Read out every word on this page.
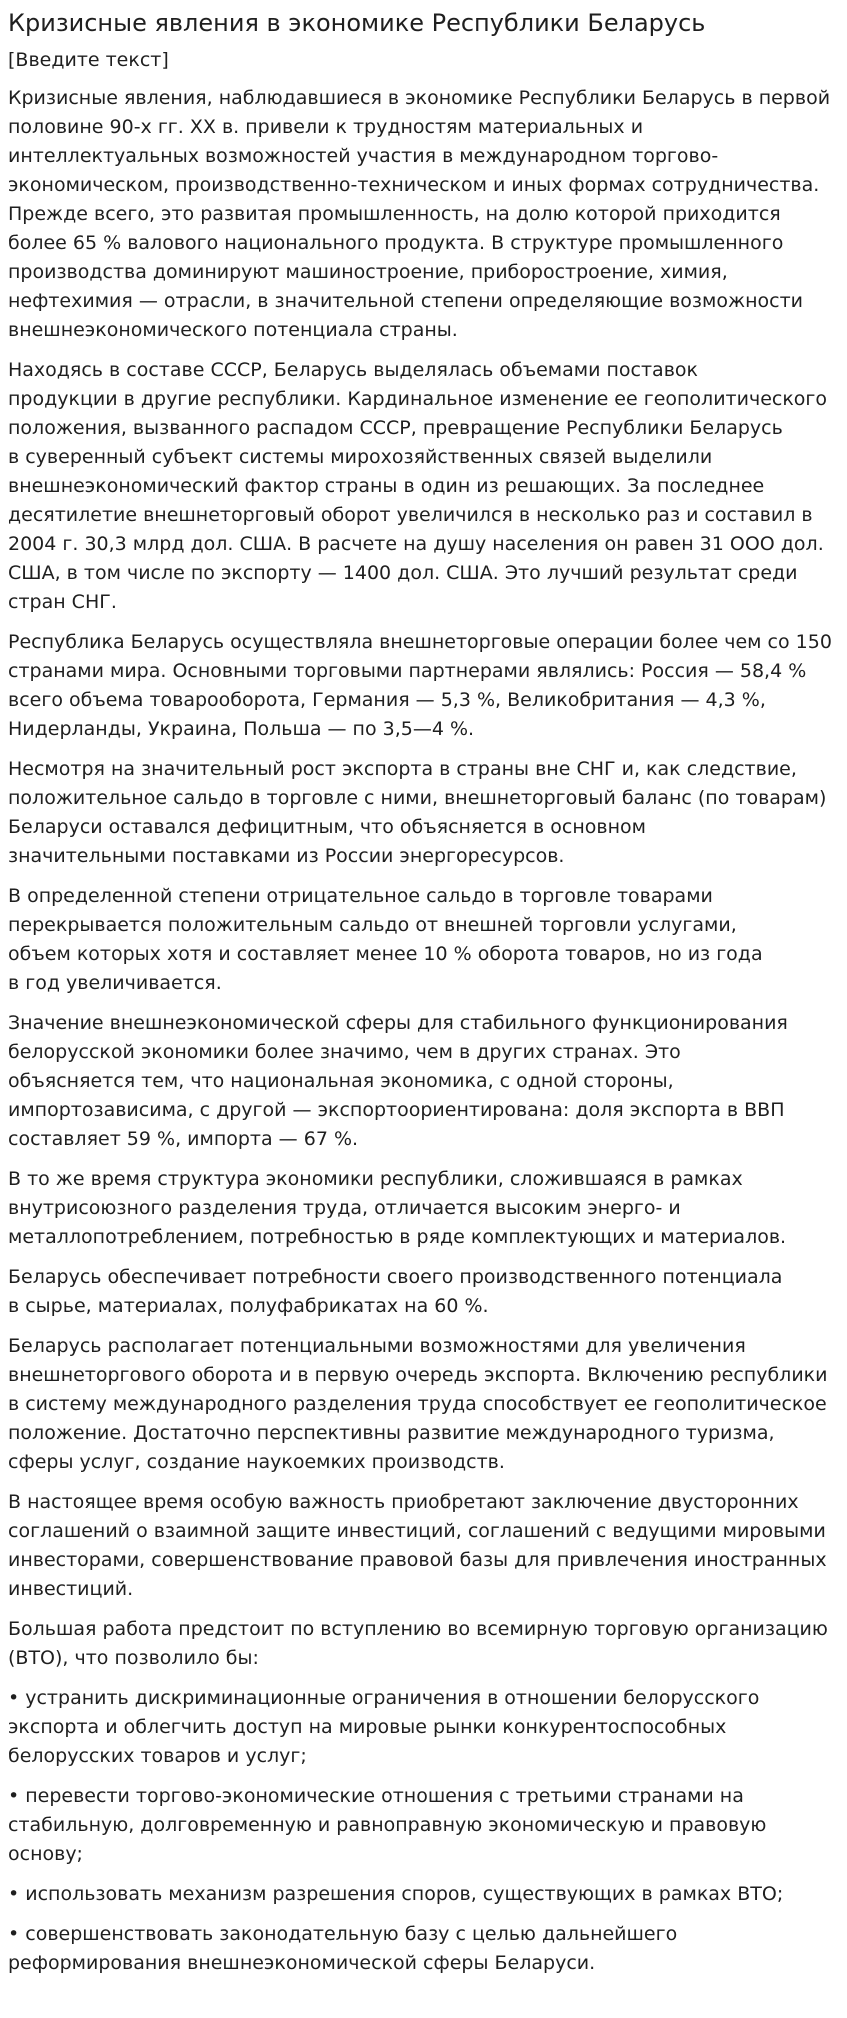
Кризисные явления в экономике Республики Беларусь
[Введите текст]

Кризисные явления, наблюдавшиеся в экономике Республики Беларусь в первой
половине 90-х гг. XX в. привели к трудностям материальных и
интеллектуальных возможностей участия в международном торгово-
экономическом, производственно-техническом и иных формах сотрудничества.
Прежде всего, это развитая промышленность, на долю которой приходится
более 65 % валового национального продукта. В структуре промышленного
производства доминируют машиностроение, приборостроение, химия,
нефтехимия — отрасли, в значительной степени определяющие возможности
внешнеэкономического потенциала страны.

Находясь в составе СССР, Беларусь выделялась объемами поставок
продукции в другие республики. Кардинальное изменение ее геополитического
положения, вызванного распадом СССР, превращение Республики Беларусь
в суверенный субъект системы мирохозяйственных связей выделили
внешнеэкономический фактор страны в один из решающих. За последнее
десятилетие внешнеторговый оборот увеличился в несколько раз и составил в
2004 г. 30,3 млрд дол. США. В расчете на душу населения он равен 31 ООО дол.
США, в том числе по экспорту — 1400 дол. США. Это лучший результат среди
стран СНГ.

Республика Беларусь осуществляла внешнеторговые операции более чем со 150
странами мира. Основными торговыми партнерами являлись: Россия — 58,4 %
всего объема товарооборота, Германия — 5,3 %, Великобритания — 4,3 %,
Нидерланды, Украина, Польша — по 3,5—4 %.

Несмотря на значительный рост экспорта в страны вне СНГ и, как следствие,
положительное сальдо в торговле с ними, внешнеторговый баланс (по товарам)
Беларуси оставался дефицитным, что объясняется в основном
значительными поставками из России энергоресурсов.

В определенной степени отрицательное сальдо в торговле товарами
перекрывается положительным сальдо от внешней торговли услугами,
объем которых хотя и составляет менее 10 % оборота товаров, но из года
в год увеличивается.

Значение внешнеэкономической сферы для стабильного функционирования
белорусской экономики более значимо, чем в других странах. Это
объясняется тем, что национальная экономика, с одной стороны,
импортозависима, с другой — экспортоориентирована: доля экспорта в ВВП
составляет 59 %, импорта — 67 %.

В то же время структура экономики республики, сложившаяся в рамках
внутрисоюзного разделения труда, отличается высоким энерго- и
металлопотреблением, потребностью в ряде комплектующих и материалов.

Беларусь обеспечивает потребности своего производственного потенциала
в сырье, материалах, полуфабрикатах на 60 %.

Беларусь располагает потенциальными возможностями для увеличения
внешнеторгового оборота и в первую очередь экспорта. Включению республики
в систему международного разделения труда способствует ее геополитическое
положение. Достаточно перспективны развитие международного туризма,
сферы услуг, создание наукоемких производств.

В настоящее время особую важность приобретают заключение двусторонних
соглашений о взаимной защите инвестиций, соглашений с ведущими мировыми
инвесторами, совершенствование правовой базы для привлечения иностранных
инвестиций.

Большая работа предстоит по вступлению во всемирную торговую организацию
(ВТО), что позволило бы:

• устранить дискриминационные ограничения в отношении белорусского
экспорта и облегчить доступ на мировые рынки конкурентоспособных
белорусских товаров и услуг;

• перевести торгово-экономические отношения с третьими странами на
стабильную, долговременную и равноправную экономическую и правовую
основу;

• использовать механизм разрешения споров, существующих в рамках ВТО;

• совершенствовать законодательную базу с целью дальнейшего
реформирования внешнеэкономической сферы Беларуси.
